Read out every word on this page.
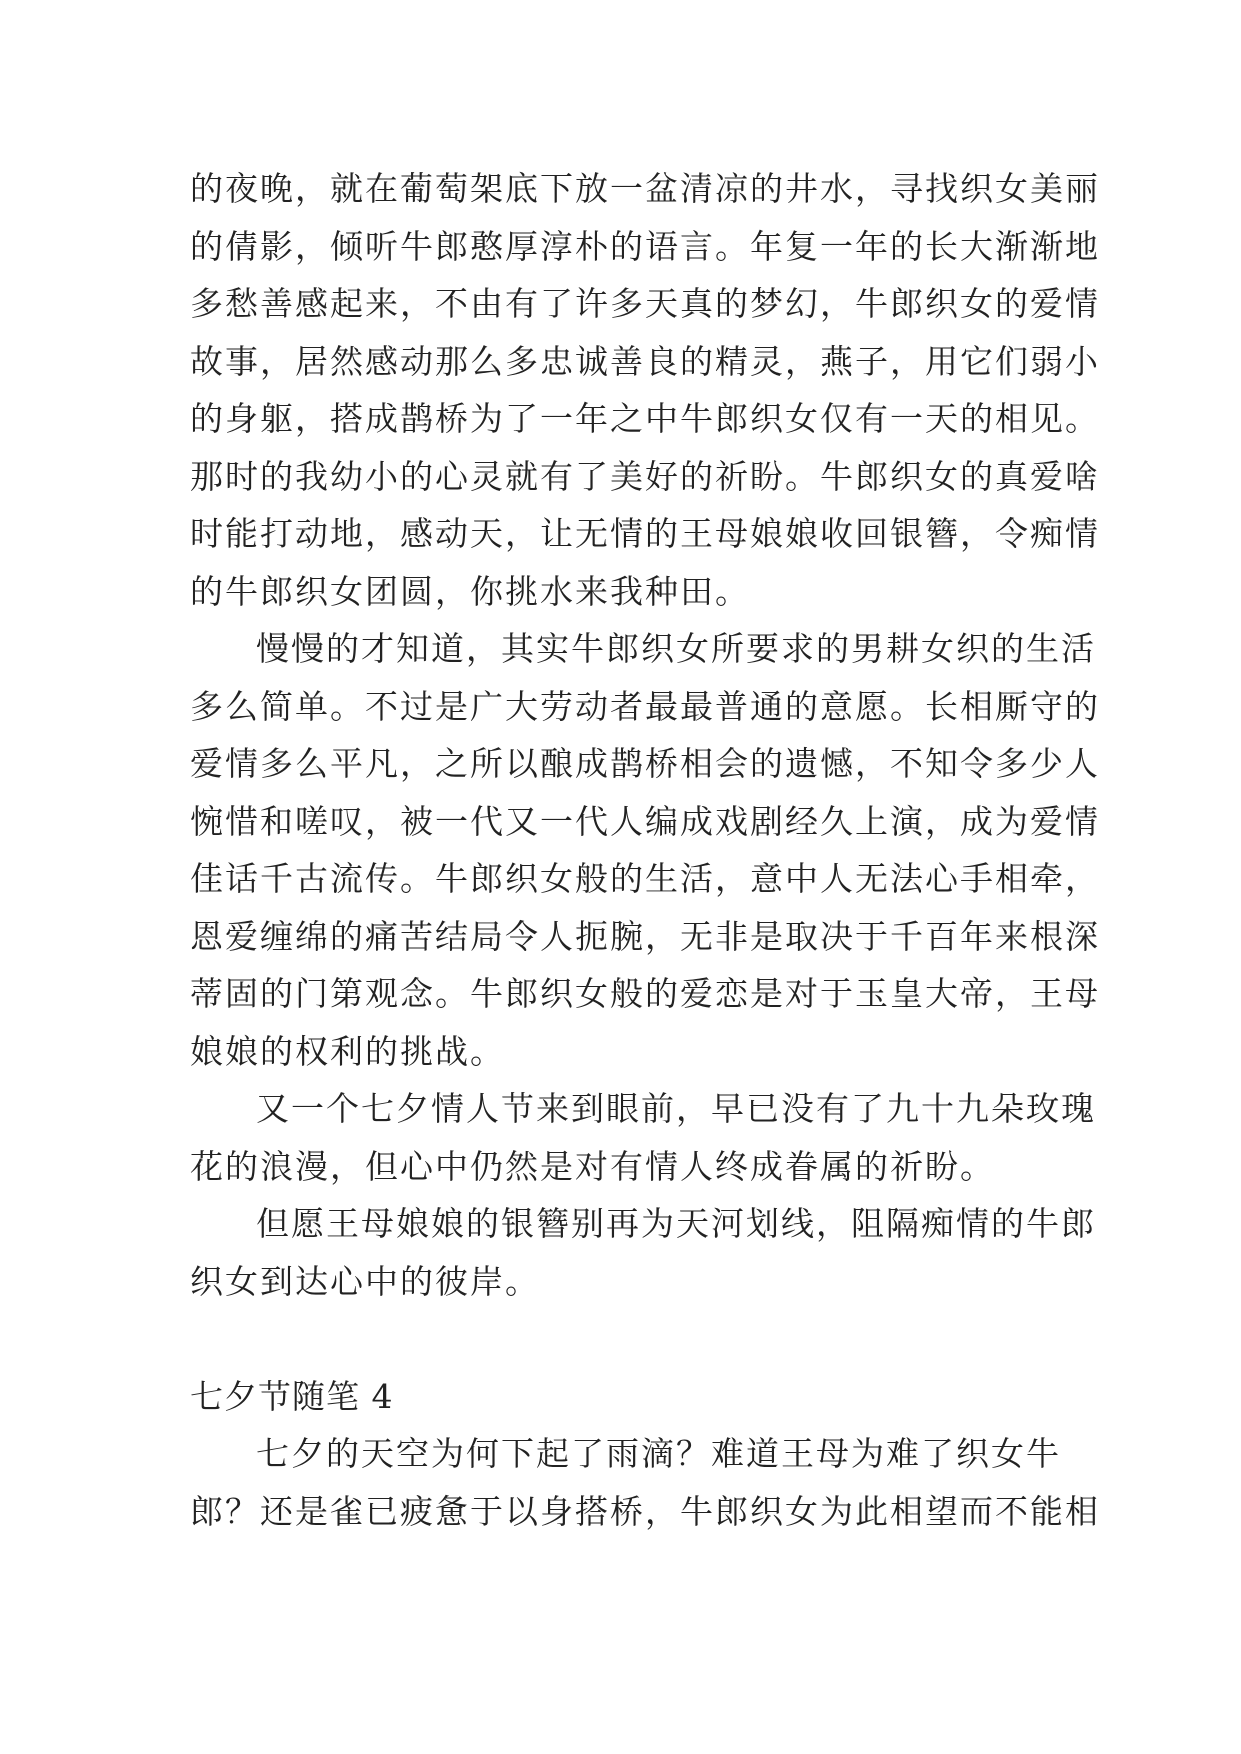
的夜晚，就在葡萄架底下放一盆清凉的井水，寻找织女美丽
的倩影，倾听牛郎憨厚淳朴的语言。年复一年的长大渐渐地
多愁善感起来，不由有了许多天真的梦幻，牛郎织女的爱情
故事，居然感动那么多忠诚善良的精灵，燕子，用它们弱小
的身躯，搭成鹊桥为了一年之中牛郎织女仅有一天的相见。
那时的我幼小的心灵就有了美好的祈盼。牛郎织女的真爱啥
时能打动地，感动天，让无情的王母娘娘收回银簪，令痴情
的牛郎织女团圆，你挑水来我种田。
慢慢的才知道，其实牛郎织女所要求的男耕女织的生活
多么简单。不过是广大劳动者最最普通的意愿。长相厮守的
爱情多么平凡，之所以酿成鹊桥相会的遗憾，不知令多少人
惋惜和嗟叹，被一代又一代人编成戏剧经久上演，成为爱情
佳话千古流传。牛郎织女般的生活，意中人无法心手相牵，
恩爱缠绵的痛苦结局令人扼腕，无非是取决于千百年来根深
蒂固的门第观念。牛郎织女般的爱恋是对于玉皇大帝，王母
娘娘的权利的挑战。
又一个七夕情人节来到眼前，早已没有了九十九朵玫瑰
花的浪漫，但心中仍然是对有情人终成眷属的祈盼。
但愿王母娘娘的银簪别再为天河划线，阻隔痴情的牛郎
织女到达心中的彼岸。
七夕节随笔 4
七夕的天空为何下起了雨滴？难道王母为难了织女牛
郎？还是雀已疲惫于以身搭桥，牛郎织女为此相望而不能相
